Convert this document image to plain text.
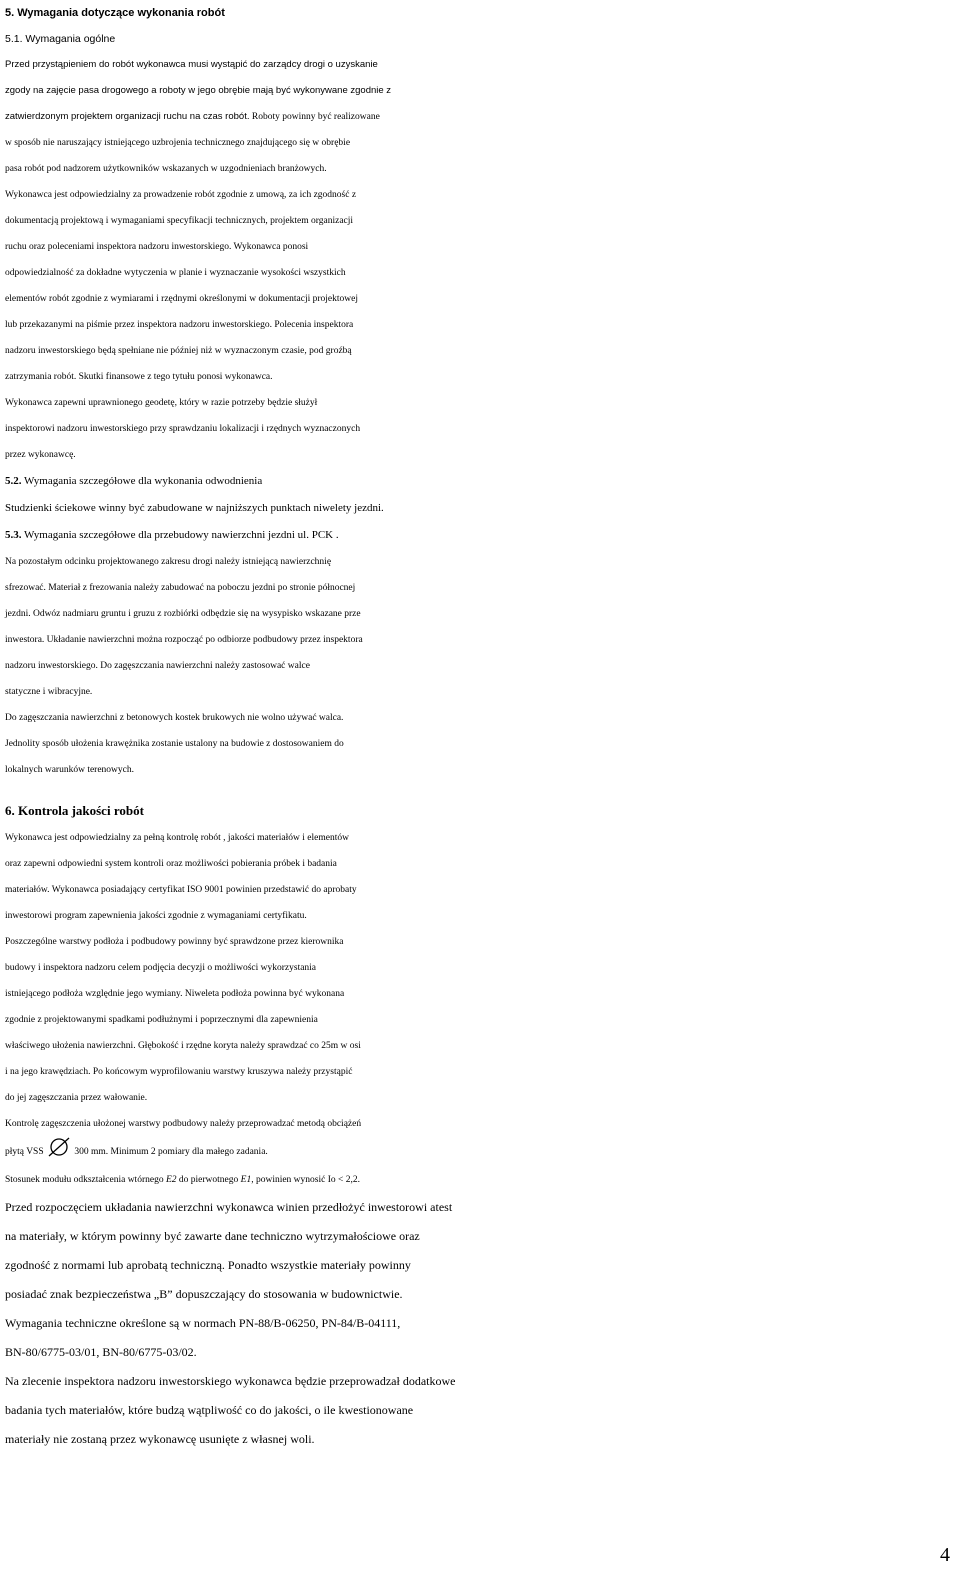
5. Wymagania dotyczące wykonania robót
5.1. Wymagania ogólne
Przed przystąpieniem do robót wykonawca musi wystąpić do zarządcy drogi o uzyskanie
zgody na zajęcie pasa drogowego a roboty w jego obrębie mają być wykonywane zgodnie z
zatwierdzonym projektem organizacji ruchu na czas robót. Roboty powinny być realizowane
w sposób nie naruszający istniejącego uzbrojenia technicznego znajdującego się w obrębie
pasa robót pod nadzorem użytkowników wskazanych w uzgodnieniach branżowych.
Wykonawca jest odpowiedzialny za prowadzenie robót zgodnie z umową, za ich zgodność z
dokumentacją projektową i wymaganiami specyfikacji technicznych, projektem organizacji
ruchu oraz poleceniami inspektora nadzoru inwestorskiego. Wykonawca ponosi
odpowiedzialność za dokładne wytyczenia w planie i wyznaczanie wysokości wszystkich
elementów robót zgodnie z wymiarami i rzędnymi określonymi w dokumentacji projektowej
lub przekazanymi na piśmie przez inspektora nadzoru inwestorskiego. Polecenia inspektora
nadzoru inwestorskiego będą spełniane nie później niż w wyznaczonym czasie, pod groźbą
zatrzymania robót. Skutki finansowe z tego tytułu ponosi wykonawca.
Wykonawca zapewni uprawnionego geodetę, który w razie potrzeby będzie służył
inspektorowi nadzoru inwestorskiego przy sprawdzaniu lokalizacji i rzędnych wyznaczonych
przez wykonawcę.
5.2. Wymagania szczegółowe dla wykonania odwodnienia
Studzienki ściekowe winny być zabudowane w najniższych punktach niwelety jezdni.
5.3. Wymagania szczegółowe dla przebudowy nawierzchni jezdni ul. PCK .
Na pozostałym odcinku projektowanego zakresu drogi należy istniejącą nawierzchnię
sfrezować. Materiał z frezowania należy zabudować na poboczu jezdni po stronie północnej
jezdni. Odwóz nadmiaru gruntu i gruzu z rozbiórki odbędzie się na wysypisko wskazane prze
inwestora. Układanie nawierzchni można rozpocząć po odbiorze podbudowy przez inspektora
nadzoru inwestorskiego. Do zagęszczania nawierzchni należy zastosować walce
statyczne i wibracyjne.
Do zagęszczania nawierzchni z betonowych kostek brukowych nie wolno używać walca.
Jednolity sposób ułożenia krawężnika zostanie ustalony na budowie z dostosowaniem do
lokalnych warunków terenowych.
6. Kontrola jakości robót
Wykonawca jest odpowiedzialny za pełną kontrolę robót , jakości materiałów i elementów
oraz zapewni odpowiedni system kontroli oraz możliwości pobierania próbek i badania
materiałów. Wykonawca posiadający certyfikat ISO 9001 powinien przedstawić do aprobaty
inwestorowi program zapewnienia jakości zgodnie z wymaganiami certyfikatu.
Poszczególne warstwy podłoża i podbudowy powinny być sprawdzone przez kierownika
budowy i inspektora nadzoru celem podjęcia decyzji o możliwości wykorzystania
istniejącego podłoża względnie jego wymiany. Niweleta podłoża powinna być wykonana
zgodnie z projektowanymi spadkami podłużnymi i poprzecznymi dla zapewnienia
właściwego ułożenia nawierzchni. Głębokość i rzędne koryta należy sprawdzać co 25m w osi
i na jego krawędziach. Po końcowym wyprofilowaniu warstwy kruszywa należy przystąpić
do jej zagęszczania przez wałowanie.
Kontrolę zagęszczenia ułożonej warstwy podbudowy należy przeprowadzać metodą obciążeń
płytą VSS	300 mm. Minimum 2 pomiary dla małego zadania.
Stosunek modułu odkształcenia wtórnego E2 do pierwotnego E1, powinien wynosić Io < 2,2.
Przed rozpoczęciem układania nawierzchni wykonawca winien przedłożyć inwestorowi atest
na materiały, w którym powinny być zawarte dane techniczno wytrzymałościowe oraz
zgodność z normami lub aprobatą techniczną. Ponadto wszystkie materiały powinny
posiadać znak bezpieczeństwa „B” dopuszczający do stosowania w budownictwie.
Wymagania techniczne określone są w normach PN-88/B-06250, PN-84/B-04111,
BN-80/6775-03/01, BN-80/6775-03/02.
Na zlecenie inspektora nadzoru inwestorskiego wykonawca będzie przeprowadzał dodatkowe
badania tych materiałów, które budzą wątpliwość co do jakości, o ile kwestionowane
materiały nie zostaną przez wykonawcę usunięte z własnej woli.
4
